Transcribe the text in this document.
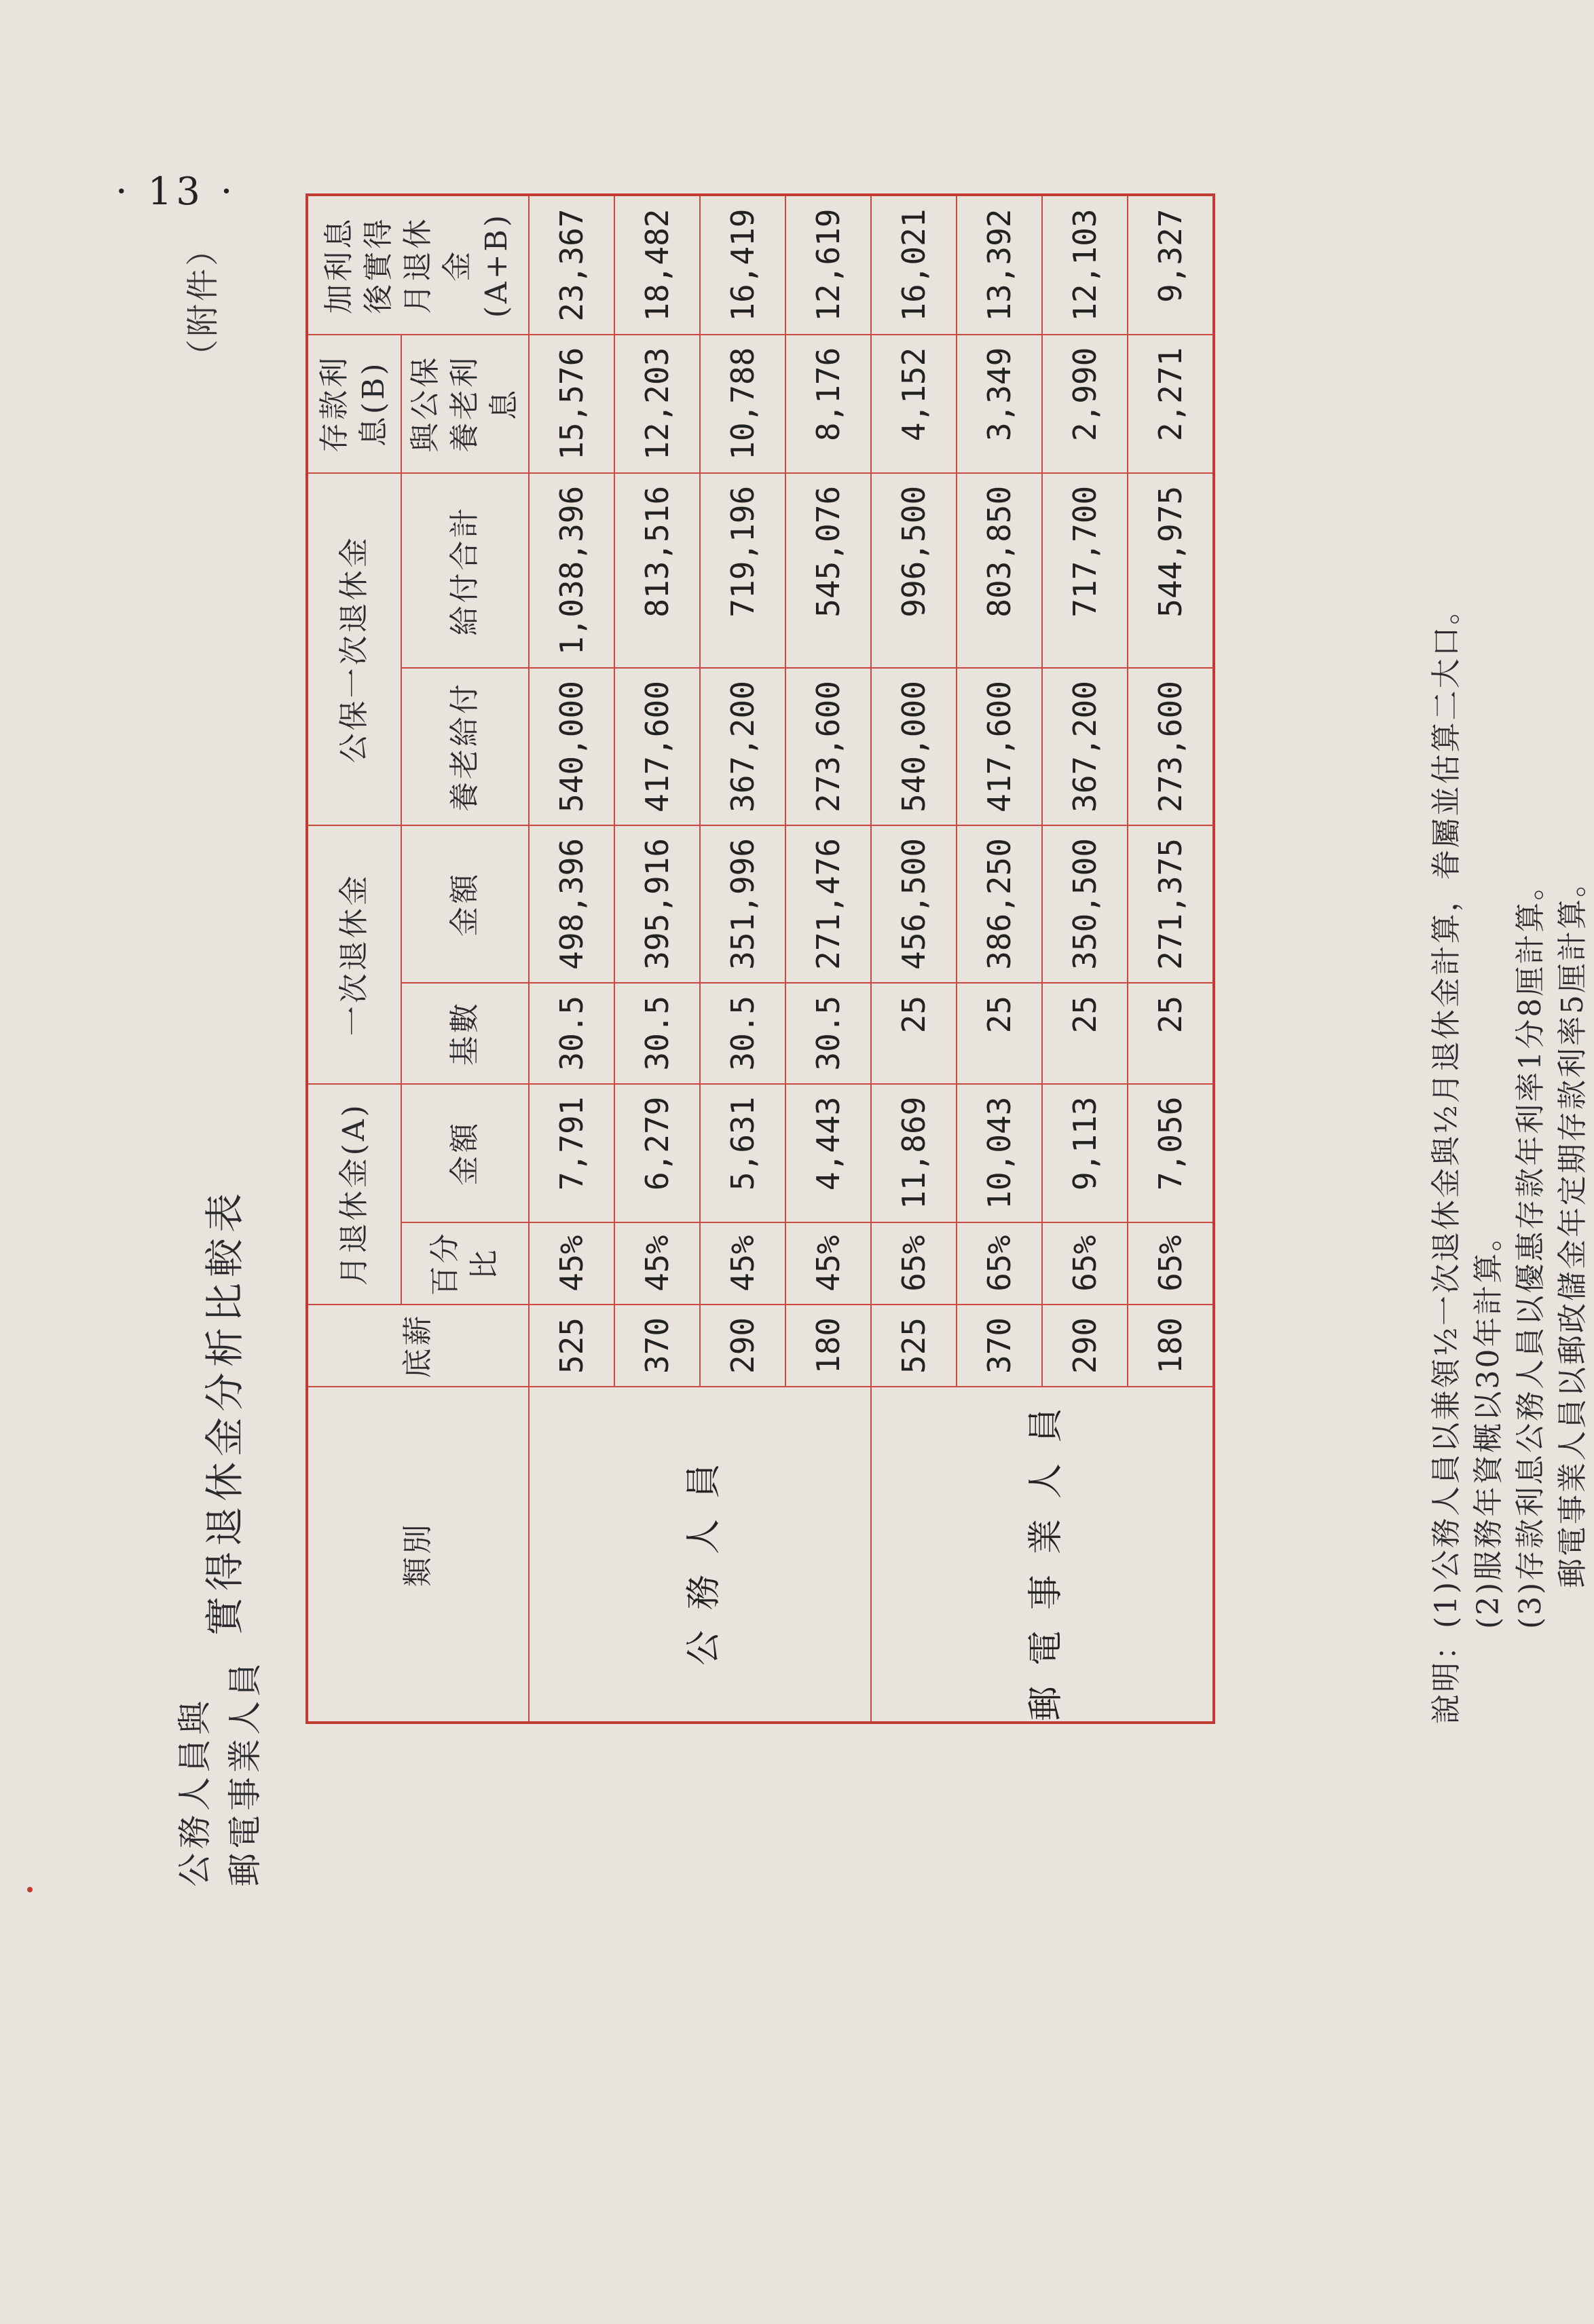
· 13 ·
（附件）
公務人員與 郵電事業人員
實得退休金分析比較表	類別	底薪	月退休金(A)		一次退休金		公保一次退休金		存款利息(B)	加利息後實得月退休金(A+B)
		百分比	金額	基數	金額	養老給付	給付合計	與公保養老利息	
公務人員	525	45%	7,791	30.5	498,396	540,000	1,038,396	15,576	23,367
	370	45%	6,279	30.5	395,916	417,600	813,516	12,203	18,482
	290	45%	5,631	30.5	351,996	367,200	719,196	10,788	16,419
	180	45%	4,443	30.5	271,476	273,600	545,076	8,176	12,619
郵電事業人員	525	65%	11,869	25	456,500	540,000	996,500	4,152	16,021
	370	65%	10,043	25	386,250	417,600	803,850	3,349	13,392
	290	65%	9,113	25	350,500	367,200	717,700	2,990	12,103
	180	65%	7,056	25	271,375	273,600	544,975	2,271	9,327
說明：(1)公務人員以兼領½一次退休金與½月退休金計算，眷屬並估算二大口。 (2)服務年資概以30年計算。 (3)存款利息公務人員以優惠存款年利率1分8厘計算。 郵電事業人員以郵政儲金年定期存款利率5厘計算。
